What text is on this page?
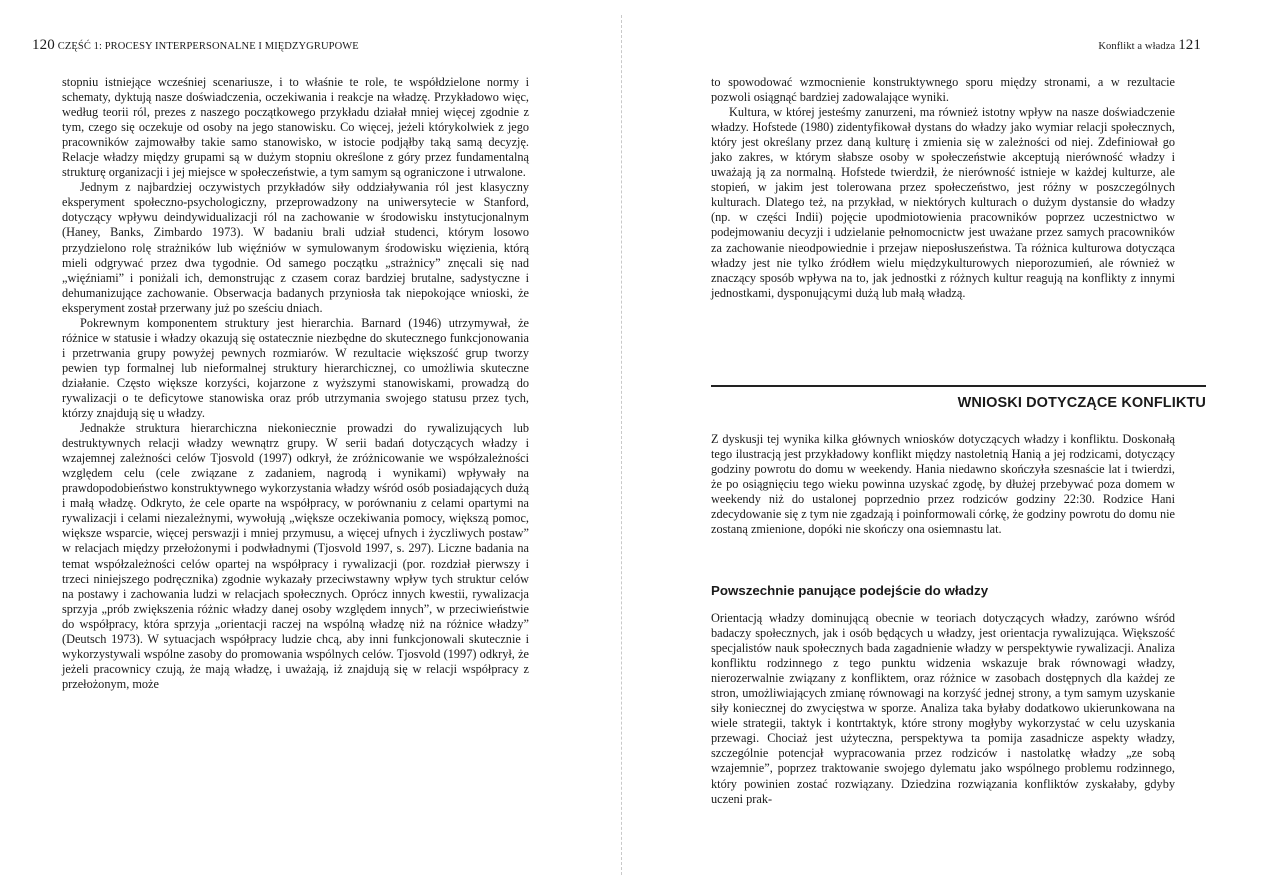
120 CZĘŚĆ 1: PROCESY INTERPERSONALNE I MIĘDZYGRUPOWE

stopniu istniejące wcześniej scenariusze, i to właśnie te role, te współdzielone normy i schematy, dyktują nasze doświadczenia, oczekiwania i reakcje na władzę. Przykładowo więc, według teorii ról, prezes z naszego początkowego przykładu działał mniej więcej zgodnie z tym, czego się oczekuje od osoby na jego stanowisku. Co więcej, jeżeli którykolwiek z jego pracowników zajmowałby takie samo stanowisko, w istocie podjąłby taką samą decyzję. Relacje władzy między grupami są w dużym stopniu określone z góry przez fundamentalną strukturę organizacji i jej miejsce w społeczeństwie, a tym samym są ograniczone i utrwalone.

Jednym z najbardziej oczywistych przykładów siły oddziaływania ról jest klasyczny eksperyment społeczno-psychologiczny, przeprowadzony na uniwersytecie w Stanford, dotyczący wpływu deindywidualizacji ról na zachowanie w środowisku instytucjonalnym (Haney, Banks, Zimbardo 1973). W badaniu brali udział studenci, którym losowo przydzielono rolę strażników lub więźniów w symulowanym środowisku więzienia, którą mieli odgrywać przez dwa tygodnie. Od samego początku „strażnicy” znęcali się nad „więźniami” i poniżali ich, demonstrując z czasem coraz bardziej brutalne, sadystyczne i dehumanizujące zachowanie. Obserwacja badanych przyniosła tak niepokojące wnioski, że eksperyment został przerwany już po sześciu dniach.

Pokrewnym komponentem struktury jest hierarchia. Barnard (1946) utrzymywał, że różnice w statusie i władzy okazują się ostatecznie niezbędne do skutecznego funkcjonowania i przetrwania grupy powyżej pewnych rozmiarów. W rezultacie większość grup tworzy pewien typ formalnej lub nieformalnej struktury hierarchicznej, co umożliwia skuteczne działanie. Często większe korzyści, kojarzone z wyższymi stanowiskami, prowadzą do rywalizacji o te deficytowe stanowiska oraz prób utrzymania swojego statusu przez tych, którzy znajdują się u władzy.

Jednakże struktura hierarchiczna niekoniecznie prowadzi do rywalizujących lub destruktywnych relacji władzy wewnątrz grupy. W serii badań dotyczących władzy i wzajemnej zależności celów Tjosvold (1997) odkrył, że zróżnicowanie we współzależności względem celu (cele związane z zadaniem, nagrodą i wynikami) wpływały na prawdopodobieństwo konstruktywnego wykorzystania władzy wśród osób posiadających dużą i małą władzę. Odkryto, że cele oparte na współpracy, w porównaniu z celami opartymi na rywalizacji i celami niezależnymi, wywołują „większe oczekiwania pomocy, większą pomoc, większe wsparcie, więcej perswazji i mniej przymusu, a więcej ufnych i życzliwych postaw” w relacjach między przełożonymi i podwładnymi (Tjosvold 1997, s. 297). Liczne badania na temat współzależności celów opartej na współpracy i rywalizacji (por. rozdział pierwszy i trzeci niniejszego podręcznika) zgodnie wykazały przeciwstawny wpływ tych struktur celów na postawy i zachowania ludzi w relacjach społecznych. Oprócz innych kwestii, rywalizacja sprzyja „prób zwiększenia różnic władzy danej osoby względem innych”, w przeciwieństwie do współpracy, która sprzyja „orientacji raczej na wspólną władzę niż na różnice władzy” (Deutsch 1973). W sytuacjach współpracy ludzie chcą, aby inni funkcjonowali skutecznie i wykorzystywali wspólne zasoby do promowania wspólnych celów. Tjosvold (1997) odkrył, że jeżeli pracownicy czują, że mają władzę, i uważają, iż znajdują się w relacji współpracy z przełożonym, może

Konflikt a władza 121

to spowodować wzmocnienie konstruktywnego sporu między stronami, a w rezultacie pozwoli osiągnąć bardziej zadowalające wyniki.

Kultura, w której jesteśmy zanurzeni, ma również istotny wpływ na nasze doświadczenie władzy. Hofstede (1980) zidentyfikował dystans do władzy jako wymiar relacji społecznych, który jest określany przez daną kulturę i zmienia się w zależności od niej. Zdefiniował go jako zakres, w którym słabsze osoby w społeczeństwie akceptują nierówność władzy i uważają ją za normalną. Hofstede twierdził, że nierówność istnieje w każdej kulturze, ale stopień, w jakim jest tolerowana przez społeczeństwo, jest różny w poszczególnych kulturach. Dlatego też, na przykład, w niektórych kulturach o dużym dystansie do władzy (np. w części Indii) pojęcie upodmiotowienia pracowników poprzez uczestnictwo w podejmowaniu decyzji i udzielanie pełnomocnictw jest uważane przez samych pracowników za zachowanie nieodpowiednie i przejaw nieposłuszeństwa. Ta różnica kulturowa dotycząca władzy jest nie tylko źródłem wielu międzykulturowych nieporozumień, ale również w znaczący sposób wpływa na to, jak jednostki z różnych kultur reagują na konflikty z innymi jednostkami, dysponującymi dużą lub małą władzą.

WNIOSKI DOTYCZĄCE KONFLIKTU

Z dyskusji tej wynika kilka głównych wniosków dotyczących władzy i konfliktu. Doskonałą tego ilustracją jest przykładowy konflikt między nastoletnią Hanią a jej rodzicami, dotyczący godziny powrotu do domu w weekendy. Hania niedawno skończyła szesnaście lat i twierdzi, że po osiągnięciu tego wieku powinna uzyskać zgodę, by dłużej przebywać poza domem w weekendy niż do ustalonej poprzednio przez rodziców godziny 22:30. Rodzice Hani zdecydowanie się z tym nie zgadzają i poinformowali córkę, że godziny powrotu do domu nie zostaną zmienione, dopóki nie skończy ona osiemnastu lat.

Powszechnie panujące podejście do władzy

Orientacją władzy dominującą obecnie w teoriach dotyczących władzy, zarówno wśród badaczy społecznych, jak i osób będących u władzy, jest orientacja rywalizująca. Większość specjalistów nauk społecznych bada zagadnienie władzy w perspektywie rywalizacji. Analiza konfliktu rodzinnego z tego punktu widzenia wskazuje brak równowagi władzy, nierozerwalnie związany z konfliktem, oraz różnice w zasobach dostępnych dla każdej ze stron, umożliwiających zmianę równowagi na korzyść jednej strony, a tym samym uzyskanie siły koniecznej do zwycięstwa w sporze. Analiza taka byłaby dodatkowo ukierunkowana na wiele strategii, taktyk i kontrtaktyk, które strony mogłyby wykorzystać w celu uzyskania przewagi. Chociaż jest użyteczna, perspektywa ta pomija zasadnicze aspekty władzy, szczególnie potencjał wypracowania przez rodziców i nastolatkę władzy „ze sobą wzajemnie”, poprzez traktowanie swojego dylematu jako wspólnego problemu rodzinnego, który powinien zostać rozwiązany. Dziedzina rozwiązania konfliktów zyskałaby, gdyby uczeni prak-
